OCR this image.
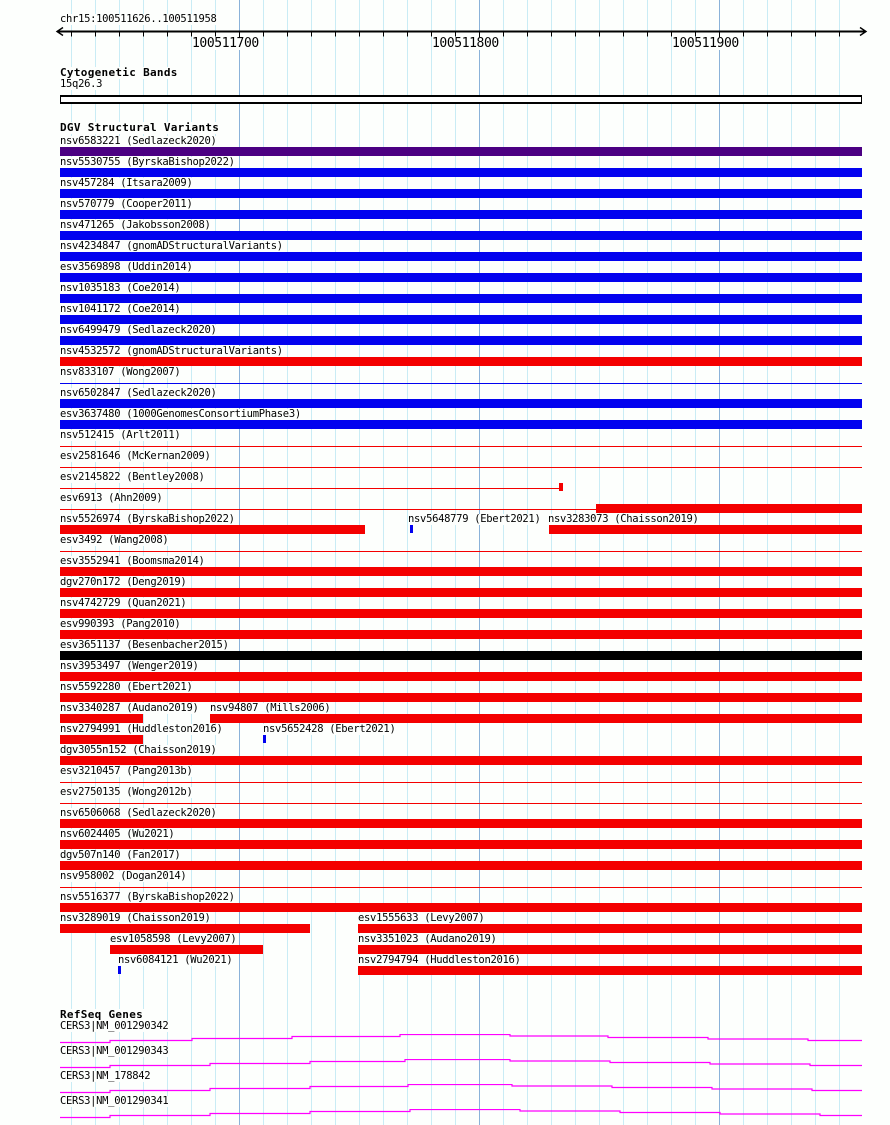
chr15:100511626..100511958
Cytogenetic Bands
15q26.3
DGV Structural Variants
RefSeq Genes
100511700	100511800	100511900
nsv6583221 (Sedlazeck2020)
nsv5530755 (ByrskaBishop2022)
nsv457284 (Itsara2009)
nsv570779 (Cooper2011)
nsv471265 (Jakobsson2008)
nsv4234847 (gnomADStructuralVariants)
esv3569898 (Uddin2014)
nsv1035183 (Coe2014)
nsv1041172 (Coe2014)
nsv6499479 (Sedlazeck2020)
nsv4532572 (gnomADStructuralVariants)
nsv833107 (Wong2007)
nsv6502847 (Sedlazeck2020)
esv3637480 (1000GenomesConsortiumPhase3)
nsv512415 (Arlt2011)
esv2581646 (McKernan2009)
esv2145822 (Bentley2008)
esv6913 (Ahn2009)
nsv5526974 (ByrskaBishop2022)	nsv5648779 (Ebert2021) nsv3283073 (Chaisson2019)
esv3492 (Wang2008)
esv3552941 (Boomsma2014)
dgv270n172 (Deng2019)
nsv4742729 (Quan2021)
esv990393 (Pang2010)
esv3651137 (Besenbacher2015)
nsv3953497 (Wenger2019)
nsv5592280 (Ebert2021)
nsv3340287 (Audano2019) nsv94807 (Mills2006)
nsv2794991 (Huddleston2016)	nsv5652428 (Ebert2021)
dgv3055n152 (Chaisson2019)
esv3210457 (Pang2013b)
esv2750135 (Wong2012b)
nsv6506068 (Sedlazeck2020)
nsv6024405 (Wu2021)
dgv507n140 (Fan2017)
nsv958002 (Dogan2014)
nsv5516377 (ByrskaBishop2022)
nsv3289019 (Chaisson2019)	esv1555633 (Levy2007)
esv1058598 (Levy2007)	nsv3351023 (Audano2019)
nsv6084121 (Wu2021)	nsv2794794 (Huddleston2016)
CERS3|NM_001290342
CERS3|NM_001290343
CERS3|NM_178842
CERS3|NM_001290341
